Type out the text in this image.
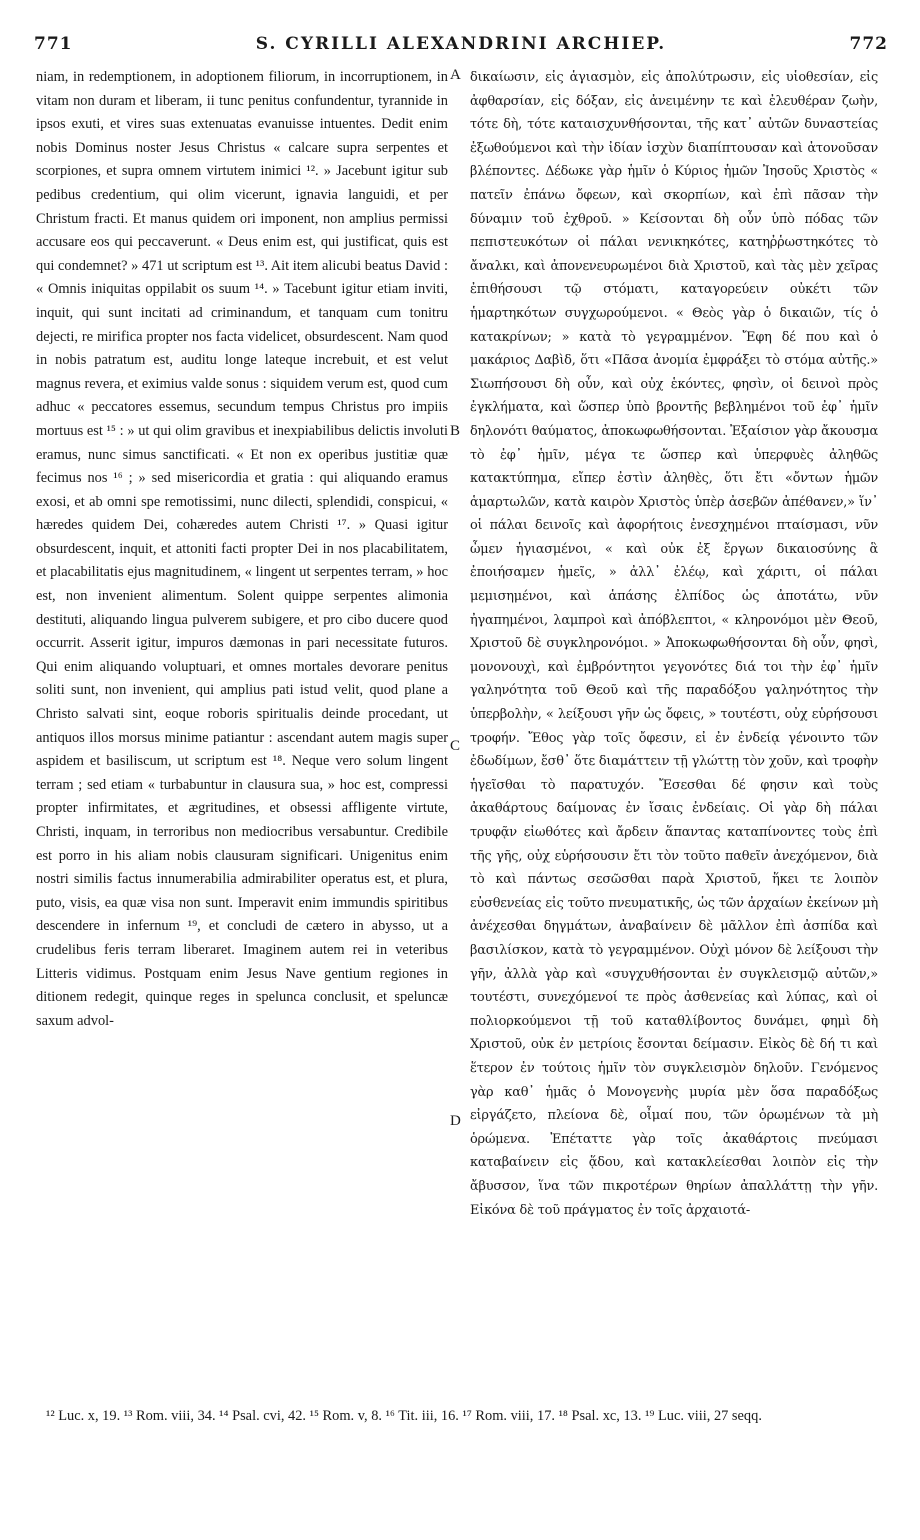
771	S. CYRILLI ALEXANDRINI ARCHIEP.	772

niam, in redemptionem, in adoptionem filiorum, in incorruptionem, in vitam non duram et liberam, ii tunc penitus confundentur, tyrannide in ipsos exuti, et vires suas extenuatas evanuisse intuentes. Dedit enim nobis Dominus noster Jesus Christus « calcare supra serpentes et scorpiones, et supra omnem virtutem inimici ¹². » Jacebunt igitur sub pedibus credentium, qui olim vicerunt, ignavia languidi, et per Christum fracti. Et manus quidem ori imponent, non amplius permissi accusare eos qui peccaverunt. « Deus enim est, qui justificat, quis est qui condemnet? » 471 ut scriptum est ¹³. Ait item alicubi beatus David : « Omnis iniquitas oppilabit os suum ¹⁴. » Tacebunt igitur etiam inviti, inquit, qui sunt incitati ad criminandum, et tanquam cum tonitru dejecti, re mirifica propter nos facta videlicet, obsurdescent. Nam quod in nobis patratum est, auditu longe lateque increbuit, et est velut magnus revera, et eximius valde sonus : siquidem verum est, quod cum adhuc « peccatores essemus, secundum tempus Christus pro impiis mortuus est ¹⁵ : » ut qui olim gravibus et inexpiabilibus delictis involuti eramus, nunc simus sanctificati. « Et non ex operibus justitiæ quæ fecimus nos ¹⁶ ; » sed misericordia et gratia : qui aliquando eramus exosi, et ab omni spe remotissimi, nunc dilecti, splendidi, conspicui, « hæredes quidem Dei, cohæredes autem Christi ¹⁷. » Quasi igitur obsurdescent, inquit, et attoniti facti propter Dei in nos placabilitatem, et placabilitatis ejus magnitudinem, « lingent ut serpentes terram, » hoc est, non invenient alimentum. Solent quippe serpentes alimonia destituti, aliquando lingua pulverem subigere, et pro cibo ducere quod occurrit. Asserit igitur, impuros dæmonas in pari necessitate futuros. Qui enim aliquando voluptuari, et omnes mortales devorare penitus soliti sunt, non invenient, qui amplius pati istud velit, quod plane a Christo salvati sint, eoque roboris spiritualis deinde procedant, ut antiquos illos morsus minime patiantur : ascendant autem magis super aspidem et basiliscum, ut scriptum est ¹⁸. Neque vero solum lingent terram ; sed etiam « turbabuntur in clausura sua, » hoc est, compressi propter infirmitates, et ægritudines, et obsessi affligente virtute, Christi, inquam, in terroribus non mediocribus versabuntur. Credibile est porro in his aliam nobis clausuram significari. Unigenitus enim nostri similis factus innumerabilia admirabiliter operatus est, et plura, puto, visis, ea quæ visa non sunt. Imperavit enim immundis spiritibus descendere in infernum ¹⁹, et concludi de cætero in abysso, ut a crudelibus feris terram liberaret. Imaginem autem rei in veteribus Litteris vidimus. Postquam enim Jesus Nave gentium regiones in ditionem redegit, quinque reges in spelunca conclusit, et speluncæ saxum advol-

A
B
C
D

δικαίωσιν, εἰς ἁγιασμὸν, εἰς ἀπολύτρωσιν, εἰς υἱοθεσίαν, εἰς ἀφθαρσίαν, εἰς δόξαν, εἰς ἀνειμένην τε καὶ ἐλευθέραν ζωὴν, τότε δὴ, τότε καταισχυνθήσονται, τῆς κατ᾽ αὐτῶν δυναστείας ἐξωθούμενοι καὶ τὴν ἰδίαν ἰσχὺν διαπίπτουσαν καὶ ἀτονοῦσαν βλέποντες. Δέδωκε γὰρ ἡμῖν ὁ Κύριος ἡμῶν Ἰησοῦς Χριστὸς « πατεῖν ἐπάνω ὄφεων, καὶ σκορπίων, καὶ ἐπὶ πᾶσαν τὴν δύναμιν τοῦ ἐχθροῦ. » Κείσονται δὴ οὖν ὑπὸ πόδας τῶν πεπιστευκότων οἱ πάλαι νενικηκότες, κατηῤῥωστηκότες τὸ ἄναλκι, καὶ ἀπονενευρωμένοι διὰ Χριστοῦ, καὶ τὰς μὲν χεῖρας ἐπιθήσουσι τῷ στόματι, καταγορεύειν οὐκέτι τῶν ἡμαρτηκότων συγχωρούμενοι. « Θεὸς γὰρ ὁ δικαιῶν, τίς ὁ κατακρίνων; » κατὰ τὸ γεγραμμένον. Ἔφη δέ που καὶ ὁ μακάριος Δαβὶδ, ὅτι «Πᾶσα ἀνομία ἐμφράξει τὸ στόμα αὐτῆς.» Σιωπήσουσι δὴ οὖν, καὶ οὐχ ἑκόντες, φησὶν, οἱ δεινοὶ πρὸς ἐγκλήματα, καὶ ὥσπερ ὑπὸ βροντῆς βεβλημένοι τοῦ ἐφ᾽ ἡμῖν δηλονότι θαύματος, ἀποκωφωθήσονται. Ἐξαίσιον γὰρ ἄκουσμα τὸ ἐφ᾽ ἡμῖν, μέγα τε ὥσπερ καὶ ὑπερφυὲς ἀληθῶς κατακτύπημα, εἴπερ ἐστὶν ἀληθὲς, ὅτι ἔτι «ὄντων ἡμῶν ἁμαρτωλῶν, κατὰ καιρὸν Χριστὸς ὑπὲρ ἀσεβῶν ἀπέθανεν,» ἵν᾽ οἱ πάλαι δεινοῖς καὶ ἀφορήτοις ἐνεσχημένοι πταίσμασι, νῦν ὦμεν ἡγιασμένοι, « καὶ οὐκ ἐξ ἔργων δικαιοσύνης ἃ ἐποιήσαμεν ἡμεῖς, » ἀλλ᾽ ἐλέῳ, καὶ χάριτι, οἱ πάλαι μεμισημένοι, καὶ ἁπάσης ἐλπίδος ὡς ἀποτάτω, νῦν ἠγαπημένοι, λαμπροὶ καὶ ἀπόβλεπτοι, « κληρονόμοι μὲν Θεοῦ, Χριστοῦ δὲ συγκληρονόμοι. » Ἀποκωφωθήσονται δὴ οὖν, φησὶ, μονονουχὶ, καὶ ἐμβρόντητοι γεγονότες διά τοι τὴν ἐφ᾽ ἡμῖν γαληνότητα τοῦ Θεοῦ καὶ τῆς παραδόξου γαληνότητος τὴν ὑπερβολὴν, « λείξουσι γῆν ὡς ὄφεις, » τουτέστι, οὐχ εὑρήσουσι τροφήν. Ἔθος γὰρ τοῖς ὄφεσιν, εἰ ἐν ἐνδείᾳ γένοιντο τῶν ἐδωδίμων, ἔσθ᾽ ὅτε διαμάττειν τῇ γλώττῃ τὸν χοῦν, καὶ τροφὴν ἡγεῖσθαι τὸ παρατυχόν. Ἔσεσθαι δέ φησιν καὶ τοὺς ἀκαθάρτους δαίμονας ἐν ἴσαις ἐνδείαις. Οἱ γὰρ δὴ πάλαι τρυφᾷν εἰωθότες καὶ ἄρδειν ἅπαντας καταπίνοντες τοὺς ἐπὶ τῆς γῆς, οὐχ εὑρήσουσιν ἔτι τὸν τοῦτο παθεῖν ἀνεχόμενον, διὰ τὸ καὶ πάντως σεσῶσθαι παρὰ Χριστοῦ, ἥκει τε λοιπὸν εὐσθενείας εἰς τοῦτο πνευματικῆς, ὡς τῶν ἀρχαίων ἐκείνων μὴ ἀνέχεσθαι δηγμάτων, ἀναβαίνειν δὲ μᾶλλον ἐπὶ ἀσπίδα καὶ βασιλίσκον, κατὰ τὸ γεγραμμένον. Οὐχὶ μόνον δὲ λείξουσι τὴν γῆν, ἀλλὰ γὰρ καὶ «συγχυθήσονται ἐν συγκλεισμῷ αὐτῶν,» τουτέστι, συνεχόμενοί τε πρὸς ἀσθενείας καὶ λύπας, καὶ οἱ πολιορκούμενοι τῇ τοῦ καταθλίβοντος δυνάμει, φημὶ δὴ Χριστοῦ, οὐκ ἐν μετρίοις ἔσονται δείμασιν. Εἰκὸς δὲ δή τι καὶ ἕτερον ἐν τούτοις ἡμῖν τὸν συγκλεισμὸν δηλοῦν. Γενόμενος γὰρ καθ᾽ ἡμᾶς ὁ Μονογενὴς μυρία μὲν ὅσα παραδόξως εἰργάζετο, πλείονα δὲ, οἶμαί που, τῶν ὁρωμένων τὰ μὴ ὁρώμενα. Ἐπέταττε γὰρ τοῖς ἀκαθάρτοις πνεύμασι καταβαίνειν εἰς ᾅδου, καὶ κατακλείεσθαι λοιπὸν εἰς τὴν ἄβυσσον, ἵνα τῶν πικροτέρων θηρίων ἀπαλλάττῃ τὴν γῆν. Εἰκόνα δὲ τοῦ πράγματος ἐν τοῖς ἀρχαιοτά-

¹² Luc. x, 19. ¹³ Rom. viii, 34. ¹⁴ Psal. cvi, 42. ¹⁵ Rom. v, 8. ¹⁶ Tit. iii, 16. ¹⁷ Rom. viii, 17. ¹⁸ Psal. xc, 13. ¹⁹ Luc. viii, 27 seqq.
